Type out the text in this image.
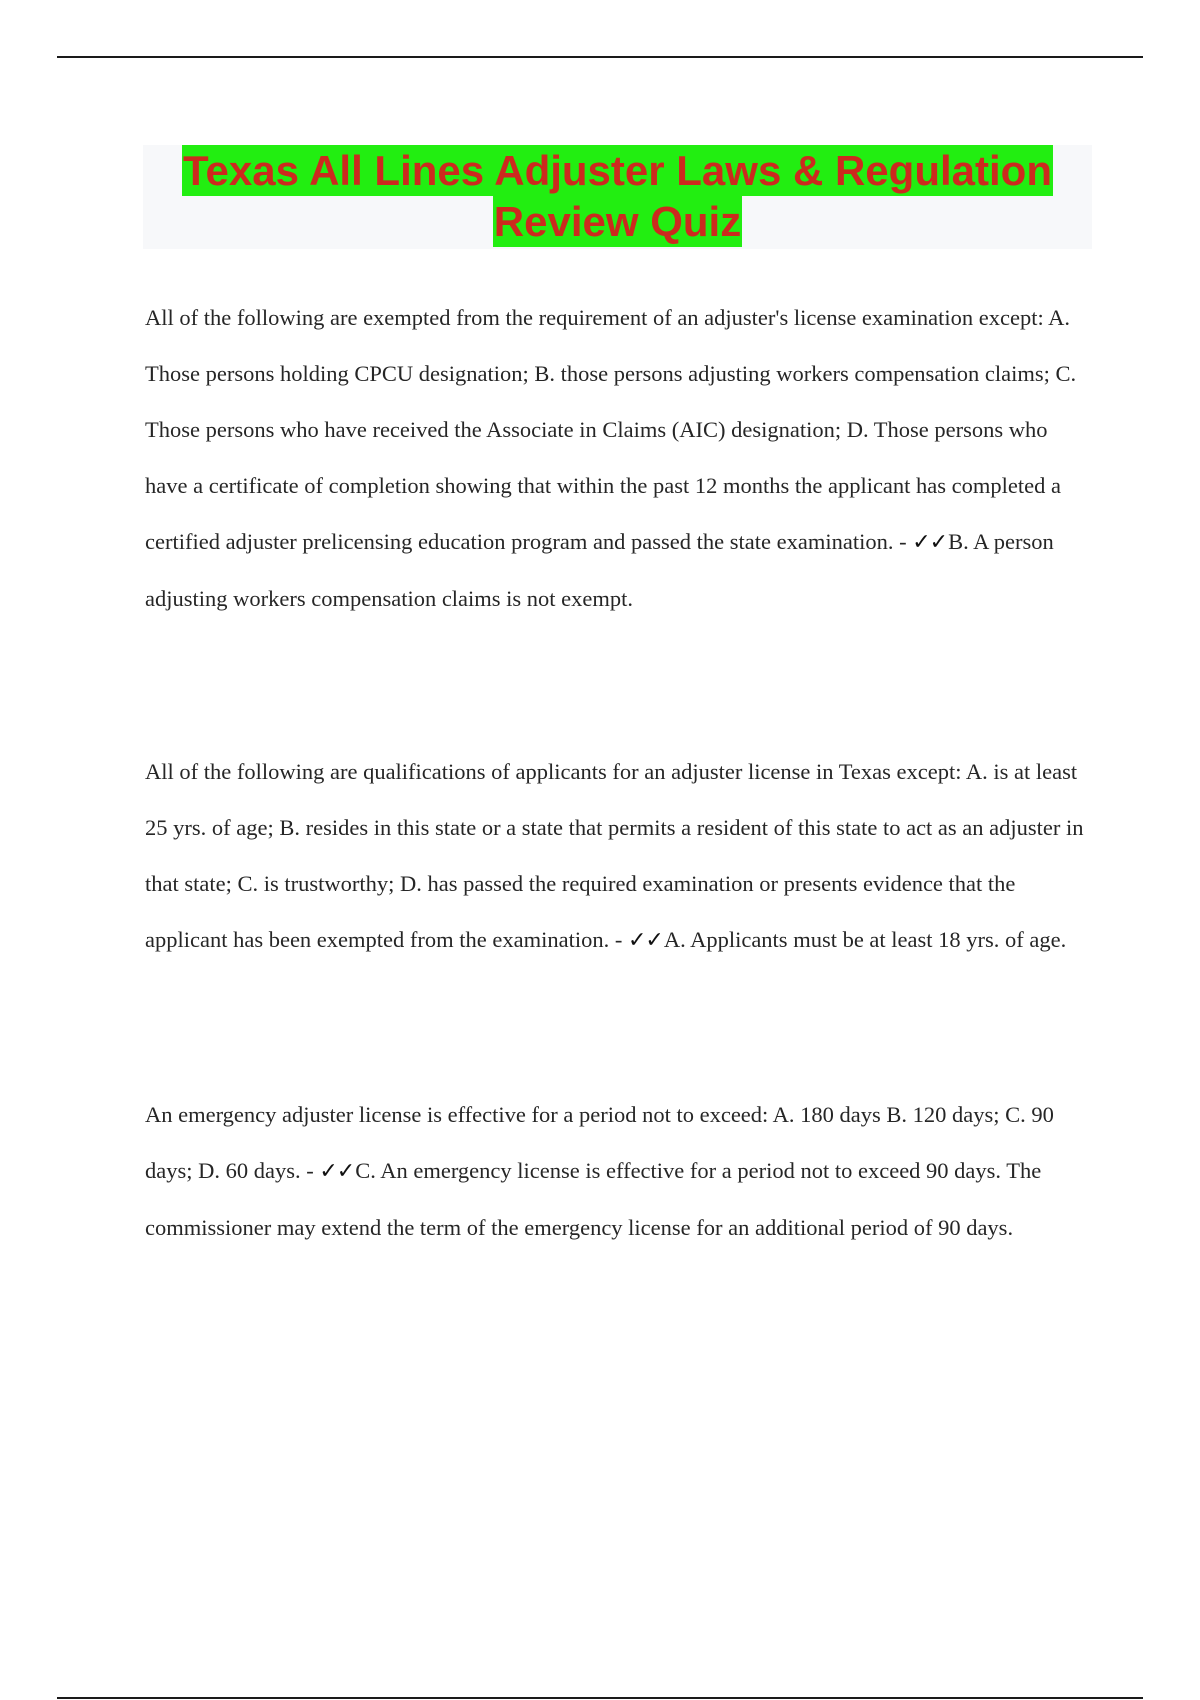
Texas All Lines Adjuster Laws & Regulation
Review Quiz

All of the following are exempted from the requirement of an adjuster's license examination except: A. Those persons holding CPCU designation; B. those persons adjusting workers compensation claims; C. Those persons who have received the Associate in Claims (AIC) designation; D. Those persons who have a certificate of completion showing that within the past 12 months the applicant has completed a certified adjuster prelicensing education program and passed the state examination. - ✓✓B. A person adjusting workers compensation claims is not exempt.

All of the following are qualifications of applicants for an adjuster license in Texas except: A. is at least 25 yrs. of age; B. resides in this state or a state that permits a resident of this state to act as an adjuster in that state; C. is trustworthy; D. has passed the required examination or presents evidence that the applicant has been exempted from the examination. - ✓✓A. Applicants must be at least 18 yrs. of age.

An emergency adjuster license is effective for a period not to exceed: A. 180 days B. 120 days; C. 90 days; D. 60 days. - ✓✓C. An emergency license is effective for a period not to exceed 90 days. The commissioner may extend the term of the emergency license for an additional period of 90 days.
